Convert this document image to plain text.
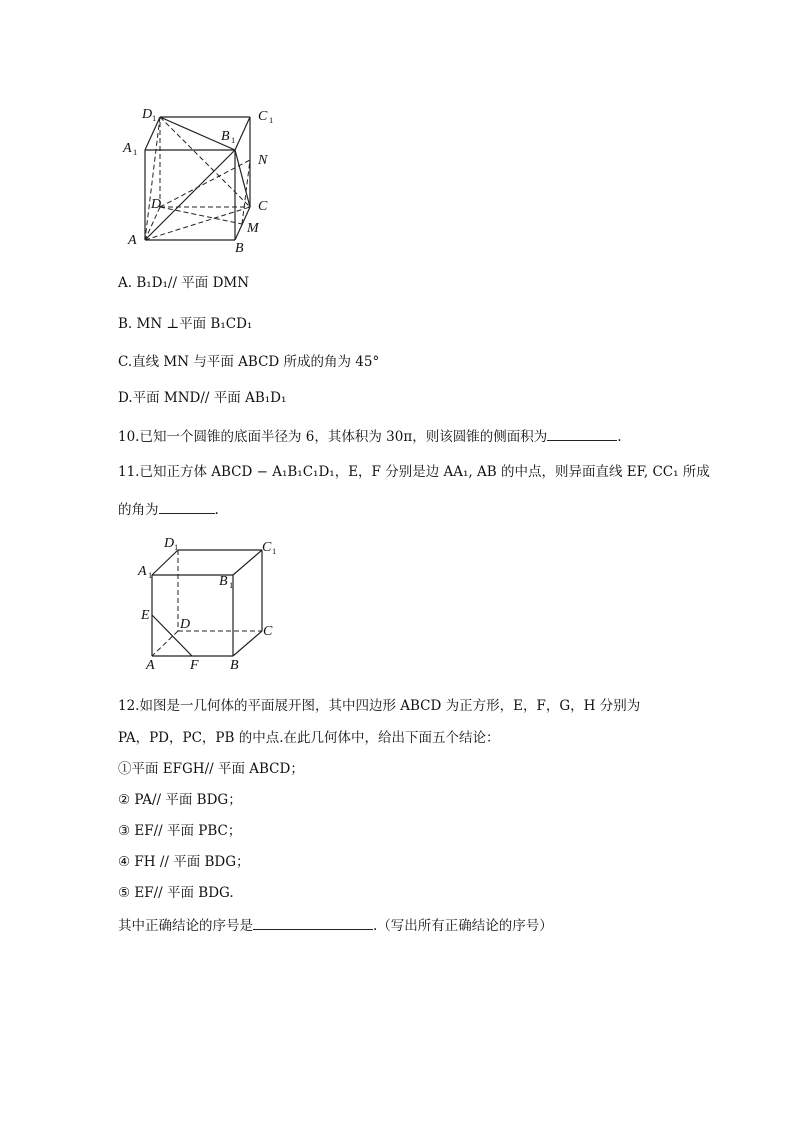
D 1	C 1
A 1
B 1
N
D	C
A
M
B
A. B₁D₁// 平面 DMN
B. MN ⊥平面 B₁CD₁
C.直线 MN 与平面 ABCD 所成的角为 45°
D.平面 MND// 平面 AB₁D₁
10.已知一个圆锥的底面半径为 6，其体积为 30π，则该圆锥的侧面积为	.
11.已知正方体 ABCD − A₁B₁C₁D₁，E，F 分别是边 AA₁, AB 的中点，则异面直线 EF, CC₁ 所成
的角为	.
D 1	C 1
A 1	B 1
E
D	C
A	F B
12.如图是一几何体的平面展开图，其中四边形 ABCD 为正方形，E，F，G，H 分别为
PA，PD，PC，PB 的中点.在此几何体中，给出下面五个结论：
①平面 EFGH// 平面 ABCD；
② PA// 平面 BDG；
③ EF// 平面 PBC；
④ FH // 平面 BDG；
⑤ EF// 平面 BDG.
其中正确结论的序号是	.（写出所有正确结论的序号）
